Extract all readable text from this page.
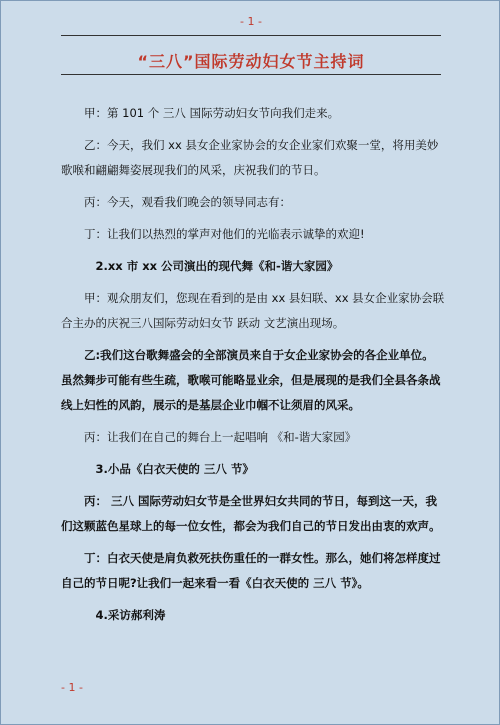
- 1 -
“三八”国际劳动妇女节主持词

甲：第 101 个 三八 国际劳动妇女节向我们走来。

乙：今天，我们 xx 县女企业家协会的女企业家们欢聚一堂，将用美妙歌喉和翩翩舞姿展现我们的风采，庆祝我们的节日。

丙：今天，观看我们晚会的领导同志有：

丁：让我们以热烈的掌声对他们的光临表示诚挚的欢迎!

2.xx 市 xx 公司演出的现代舞《和-谐大家园》

甲：观众朋友们，您现在看到的是由 xx 县妇联、xx 县女企业家协会联合主办的庆祝三八国际劳动妇女节 跃动 文艺演出现场。

乙:我们这台歌舞盛会的全部演员来自于女企业家协会的各企业单位。虽然舞步可能有些生疏，歌喉可能略显业余，但是展现的是我们全县各条战线上妇性的风韵，展示的是基层企业巾帼不让须眉的风采。

丙：让我们在自己的舞台上一起唱响 《和-谐大家园》

3.小品《白衣天使的 三八 节》

丙： 三八 国际劳动妇女节是全世界妇女共同的节日，每到这一天，我们这颗蓝色星球上的每一位女性，都会为我们自己的节日发出由衷的欢声。

丁：白衣天使是肩负救死扶伤重任的一群女性。那么，她们将怎样度过自己的节日呢?让我们一起来看一看《白衣天使的 三八 节》。

4.采访郝利涛

- 1 -
